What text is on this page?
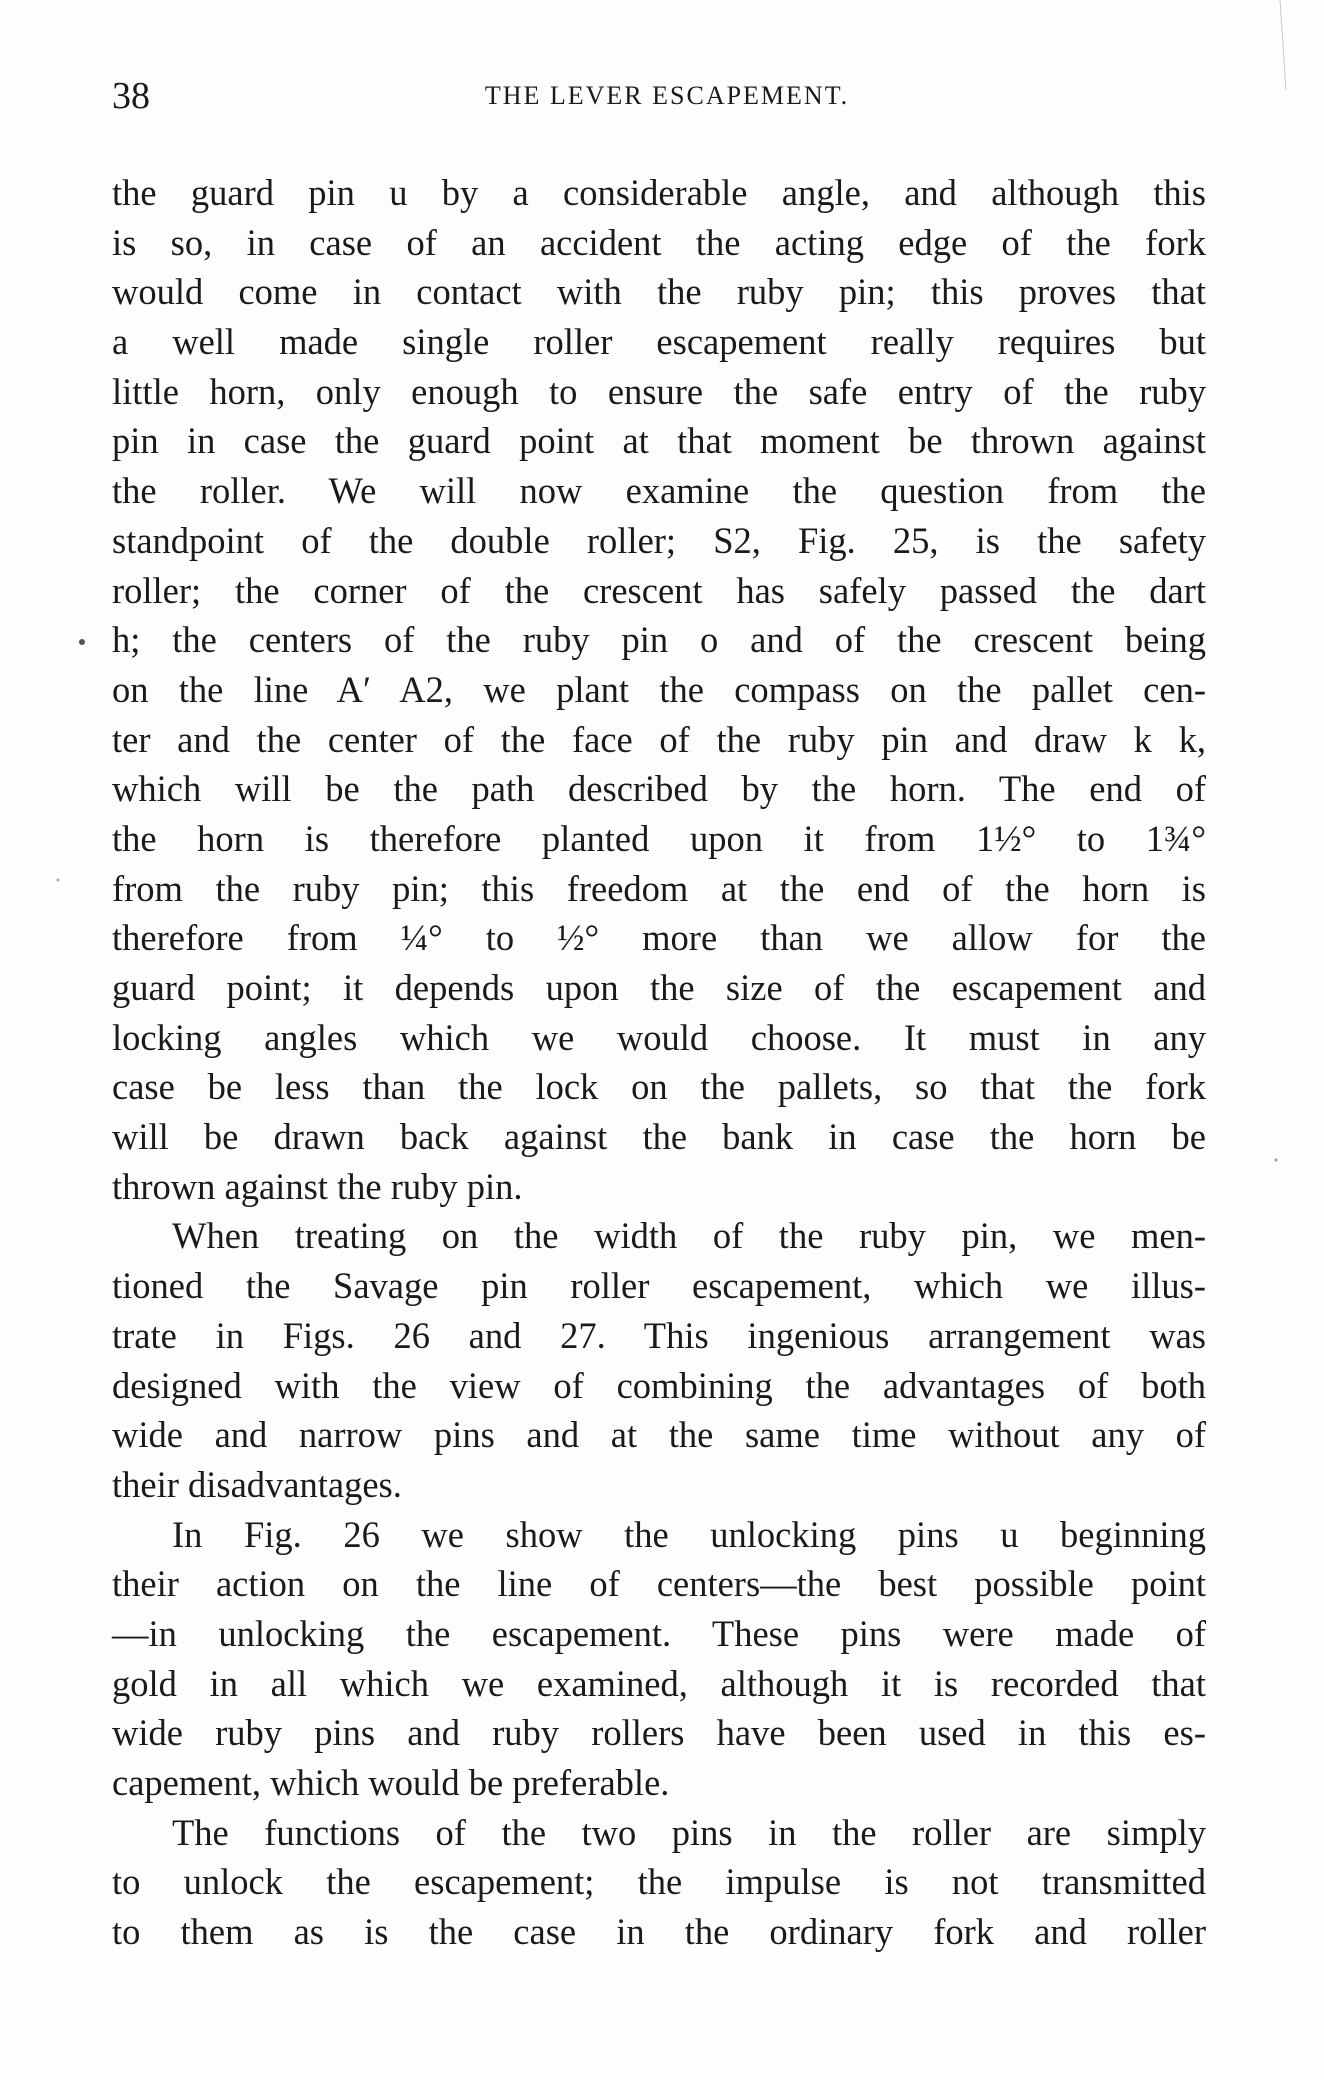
38	THE LEVER ESCAPEMENT.
the guard pin u by a considerable angle, and although this
is so, in case of an accident the acting edge of the fork
would come in contact with the ruby pin; this proves that
a well made single roller escapement really requires but
little horn, only enough to ensure the safe entry of the ruby
pin in case the guard point at that moment be thrown against
the roller. We will now examine the question from the
standpoint of the double roller; S2, Fig. 25, is the safety
roller; the corner of the crescent has safely passed the dart
h; the centers of the ruby pin o and of the crescent being
on the line A′ A2, we plant the compass on the pallet cen-
ter and the center of the face of the ruby pin and draw k k,
which will be the path described by the horn. The end of
the horn is therefore planted upon it from 1½° to 1¾°
from the ruby pin; this freedom at the end of the horn is
therefore from ¼° to ½° more than we allow for the
guard point; it depends upon the size of the escapement and
locking angles which we would choose. It must in any
case be less than the lock on the pallets, so that the fork
will be drawn back against the bank in case the horn be
thrown against the ruby pin.
When treating on the width of the ruby pin, we men-
tioned the Savage pin roller escapement, which we illus-
trate in Figs. 26 and 27. This ingenious arrangement was
designed with the view of combining the advantages of both
wide and narrow pins and at the same time without any of
their disadvantages.
In Fig. 26 we show the unlocking pins u beginning
their action on the line of centers—the best possible point
—in unlocking the escapement. These pins were made of
gold in all which we examined, although it is recorded that
wide ruby pins and ruby rollers have been used in this es-
capement, which would be preferable.
The functions of the two pins in the roller are simply
to unlock the escapement; the impulse is not transmitted
to them as is the case in the ordinary fork and roller
